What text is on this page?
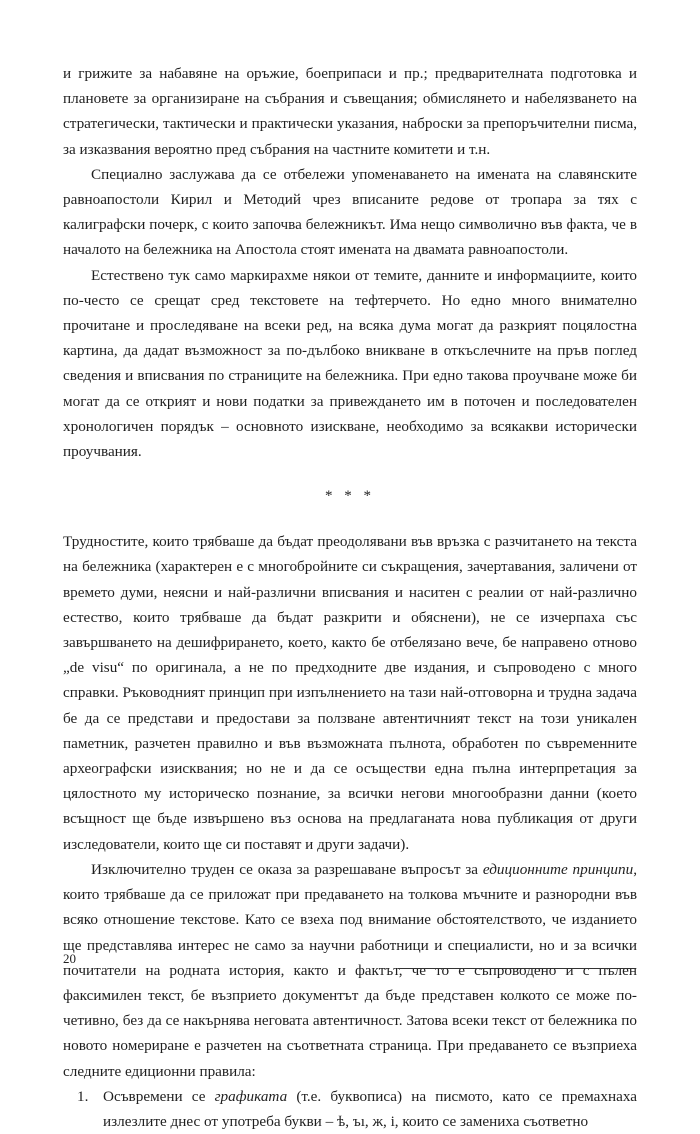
и грижите за набавяне на оръжие, боеприпаси и пр.; предварителната подготовка и плановете за организиране на събрания и съвещания; обмислянето и набелязването на стратегически, тактически и практически указания, наброски за препоръчителни писма, за изказвания вероятно пред събрания на частните комитети и т.н.

Специално заслужава да се отбележи упоменаването на имената на славянските равноапостоли Кирил и Методий чрез вписаните редове от тропара за тях с калиграфски почерк, с които започва бележникът. Има нещо символично във факта, че в началото на бележника на Апостола стоят имената на двамата равноапостоли.

Естествено тук само маркирахме някои от темите, данните и информациите, които по-често се срещат сред текстовете на тефтерчето. Но едно много внимателно прочитане и проследяване на всеки ред, на всяка дума могат да разкрият поцялостна картина, да дадат възможност за по-дълбоко вникване в откъслечните на пръв поглед сведения и вписвания по страниците на бележника. При едно такова проучване може би могат да се открият и нови податки за привеждането им в поточен и последователен хронологичен порядък – основното изискване, необходимо за всякакви исторически проучвания.

* * *

Трудностите, които трябваше да бъдат преодолявани във връзка с разчитането на текста на бележника (характерен е с многобройните си съкращения, зачертавания, заличени от времето думи, неясни и най-различни вписвания и наситен с реалии от най-различно естество, които трябваше да бъдат разкрити и обяснени), не се изчерпаха със завършването на дешифрирането, което, както бе отбелязано вече, бе направено отново „de visu“ по оригинала, а не по предходните две издания, и съпроводено с много справки. Ръководният принцип при изпълнението на тази най-отговорна и трудна задача бе да се представи и предостави за ползване автентичният текст на този уникален паметник, разчетен правилно и във възможната пълнота, обработен по съвременните археографски изисквания; но не и да се осъществи една пълна интерпретация за цялостното му историческо познание, за всички негови многообразни данни (което всъщност ще бъде извършено въз основа на предлаганата нова публикация от други изследователи, които ще си поставят и други задачи).

Изключително труден се оказа за разрешаване въпросът за едиционните принципи, които трябваше да се приложат при предаването на толкова мъчните и разнородни във всяко отношение текстове. Като се взеха под внимание обстоятелството, че изданието ще представлява интерес не само за научни работници и специалисти, но и за всички почитатели на родната история, както и фактът, че то е съпроводено и с пълен факсимилен текст, бе възприето документът да бъде представен колкото се може по-четивно, без да се накърнява неговата автентичност. Затова всеки текст от бележника по новото номериране е разчетен на съответната страница. При предаването се възприеха следните едиционни правила:

1. Осъвремени се графиката (т.е. буквописа) на писмото, като се премахнаха излезлите днес от употреба букви – ѣ, ъı, ж, і, които се замениха съответно
20
